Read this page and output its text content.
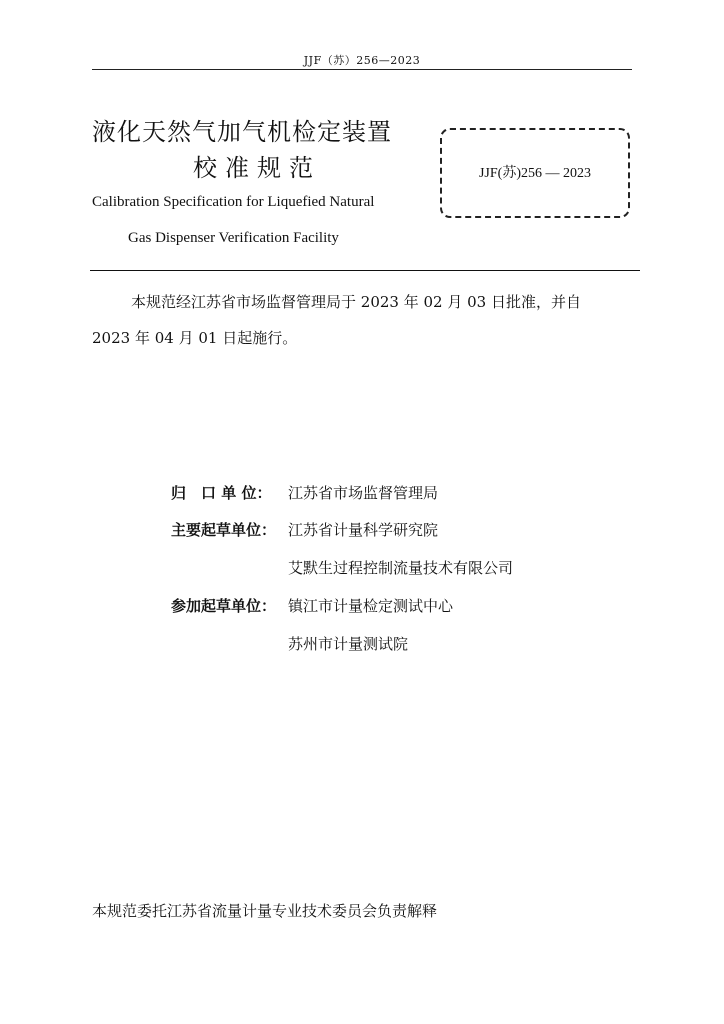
JJF（苏）256—2023
液化天然气加气机检定装置
校准规范
Calibration Specification for Liquefied Natural
Gas Dispenser Verification Facility
JJF(苏)256 — 2023
本规范经江苏省市场监督管理局于 2023 年 02 月 03 日批准，并自
2023 年 04 月 01 日起施行。
归　口 单 位： 江苏省市场监督管理局
主要起草单位： 江苏省计量科学研究院
艾默生过程控制流量技术有限公司
参加起草单位： 镇江市计量检定测试中心
苏州市计量测试院
本规范委托江苏省流量计量专业技术委员会负责解释
